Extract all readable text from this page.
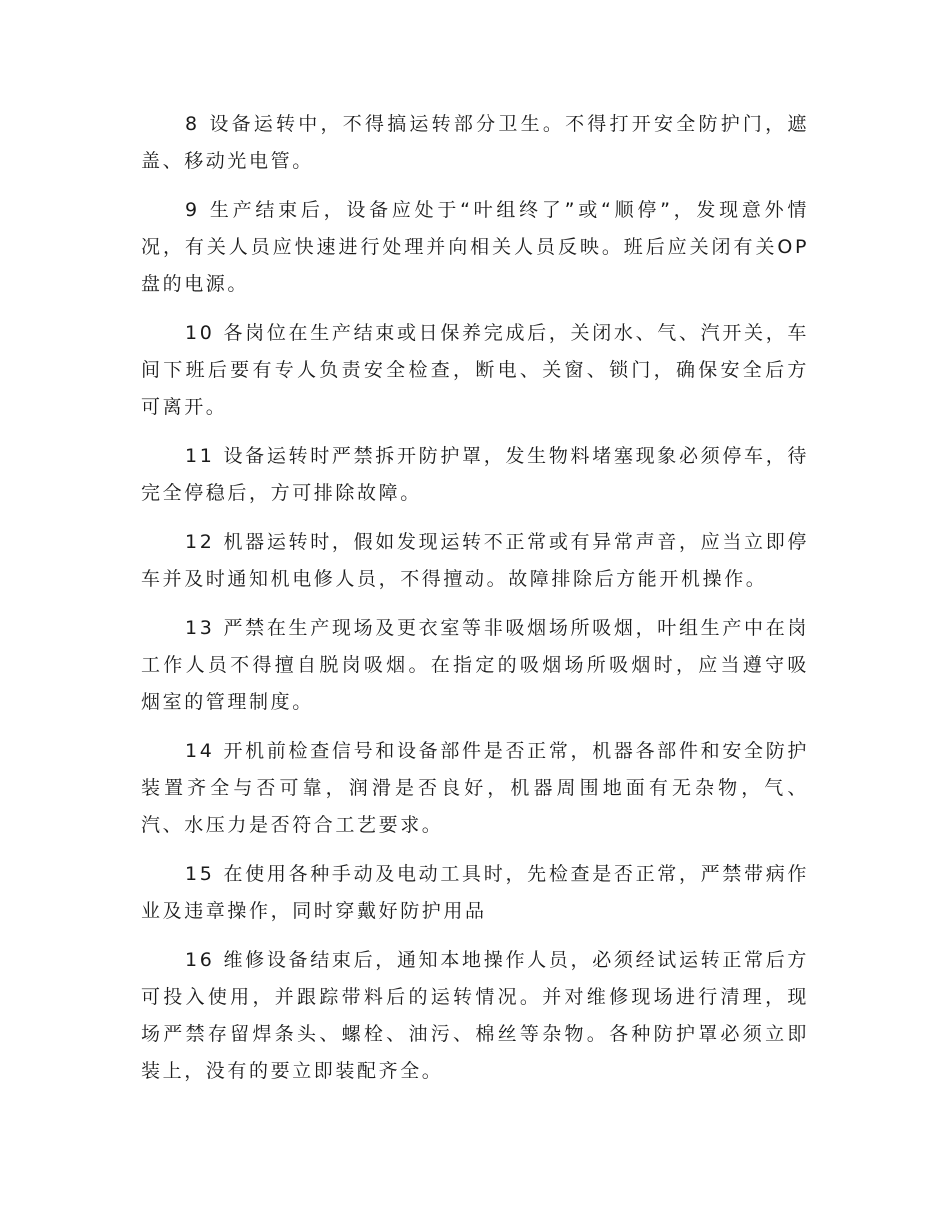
8 设备运转中，不得搞运转部分卫生。不得打开安全防护门，遮盖、移动光电管。

9 生产结束后，设备应处于“叶组终了”或“顺停”，发现意外情况，有关人员应快速进行处理并向相关人员反映。班后应关闭有关OP盘的电源。

10 各岗位在生产结束或日保养完成后，关闭水、气、汽开关，车间下班后要有专人负责安全检查，断电、关窗、锁门，确保安全后方可离开。

11 设备运转时严禁拆开防护罩，发生物料堵塞现象必须停车，待完全停稳后，方可排除故障。

12 机器运转时，假如发现运转不正常或有异常声音，应当立即停车并及时通知机电修人员，不得擅动。故障排除后方能开机操作。

13 严禁在生产现场及更衣室等非吸烟场所吸烟，叶组生产中在岗工作人员不得擅自脱岗吸烟。在指定的吸烟场所吸烟时，应当遵守吸烟室的管理制度。

14 开机前检查信号和设备部件是否正常，机器各部件和安全防护装置齐全与否可靠，润滑是否良好，机器周围地面有无杂物，气、汽、水压力是否符合工艺要求。

15 在使用各种手动及电动工具时，先检查是否正常，严禁带病作业及违章操作，同时穿戴好防护用品

16 维修设备结束后，通知本地操作人员，必须经试运转正常后方可投入使用，并跟踪带料后的运转情况。并对维修现场进行清理，现场严禁存留焊条头、螺栓、油污、棉丝等杂物。各种防护罩必须立即装上，没有的要立即装配齐全。
